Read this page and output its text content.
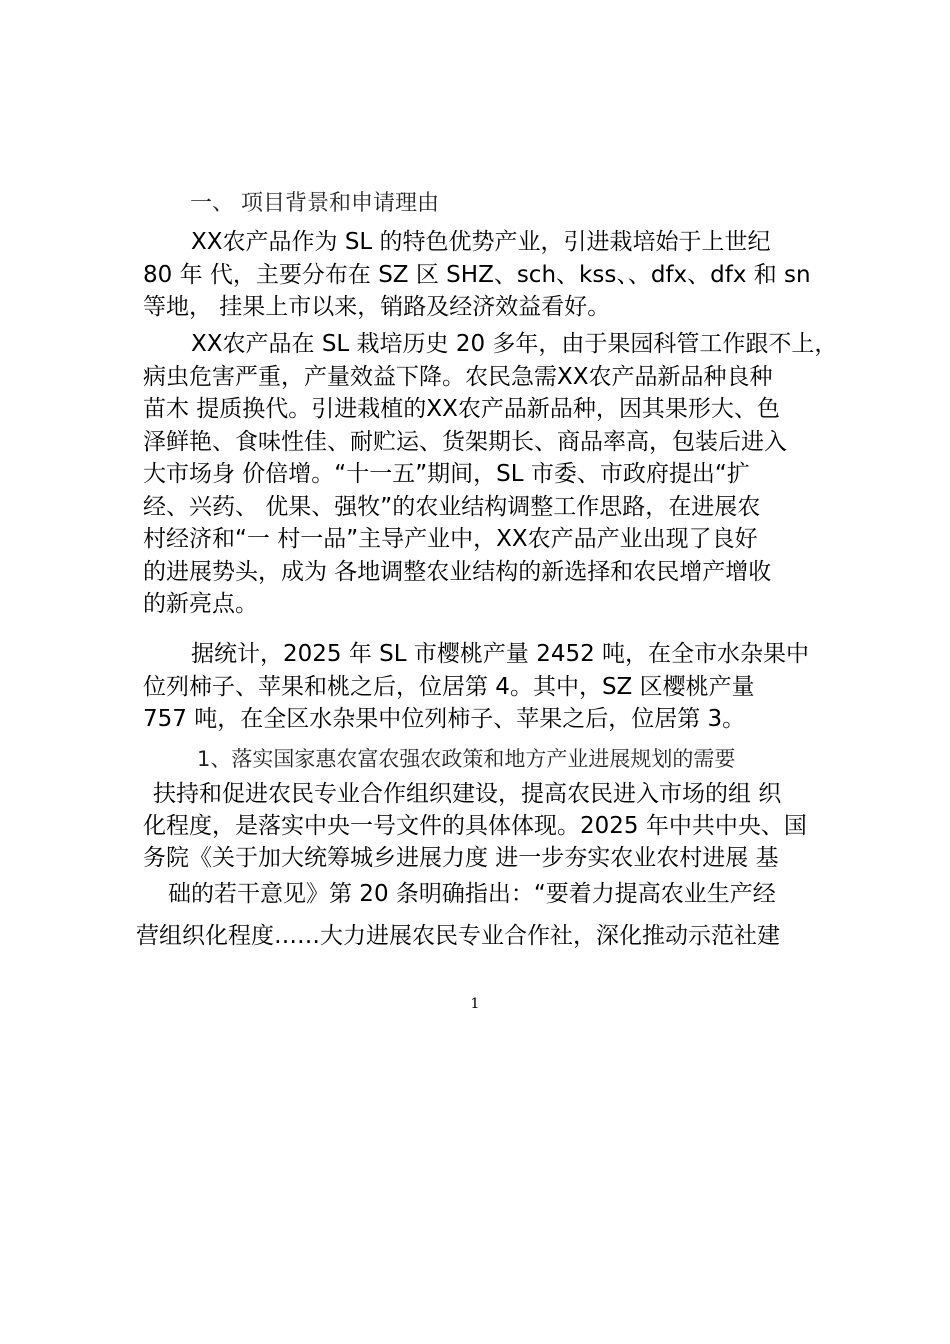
一、 项目背景和申请理由

XX农产品作为 SL 的特色优势产业，引进栽培始于上世纪
80 年 代，主要分布在 SZ 区 SHZ、sch、kss、、dfx、dfx 和 sn
等地， 挂果上市以来，销路及经济效益看好。

XX农产品在 SL 栽培历史 20 多年，由于果园科管工作跟不上，
病虫危害严重，产量效益下降。农民急需XX农产品新品种良种
苗木 提质换代。引进栽植的XX农产品新品种，因其果形大、色
泽鲜艳、食味性佳、耐贮运、货架期长、商品率高，包装后进入
大市场身 价倍增。“十一五”期间，SL 市委、市政府提出“扩
经、兴药、 优果、强牧”的农业结构调整工作思路，在进展农
村经济和“一 村一品”主导产业中，XX农产品产业出现了良好
的进展势头，成为 各地调整农业结构的新选择和农民增产增收
的新亮点。

据统计，2025 年 SL 市樱桃产量 2452 吨，在全市水杂果中
位列柿子、苹果和桃之后，位居第 4。其中，SZ 区樱桃产量
757 吨，在全区水杂果中位列柿子、苹果之后，位居第 3。

1、落实国家惠农富农强农政策和地方产业进展规划的需要

扶持和促进农民专业合作组织建设，提高农民进入市场的组 织
化程度，是落实中央一号文件的具体体现。2025 年中共中央、国
务院《关于加大统筹城乡进展力度 进一步夯实农业农村进展 基
础的若干意见》第 20 条明确指出：“要着力提高农业生产经
营组织化程度……大力进展农民专业合作社，深化推动示范社建

1
